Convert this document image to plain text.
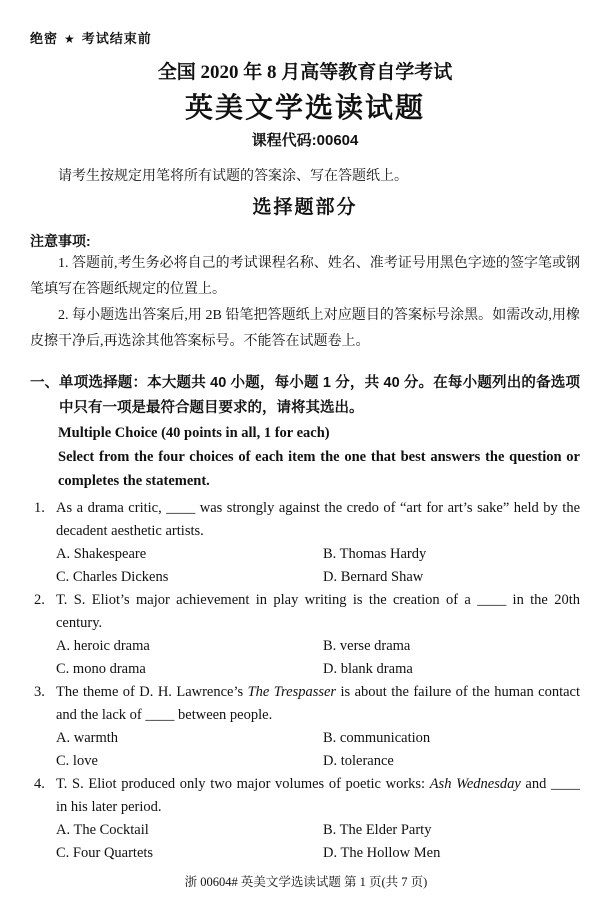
绝密 ★ 考试结束前
全国 2020 年 8 月高等教育自学考试
英美文学选读试题
课程代码:00604

请考生按规定用笔将所有试题的答案涂、写在答题纸上。

选择题部分
注意事项:

1. 答题前,考生务必将自己的考试课程名称、姓名、准考证号用黑色字迹的签字笔或钢笔填写在答题纸规定的位置上。

2. 每小题选出答案后,用 2B 铅笔把答题纸上对应题目的答案标号涂黑。如需改动,用橡皮擦干净后,再选涂其他答案标号。不能答在试题卷上。

一、 单项选择题：本大题共 40 小题，每小题 1 分，共 40 分。在每小题列出的备选项中只有一项是最符合题目要求的，请将其选出。

Multiple Choice (40 points in all, 1 for each)

Select from the four choices of each item the one that best answers the question or completes the statement.

1. As a drama critic, ____ was strongly against the credo of “art for art’s sake” held by the decadent aesthetic artists.
A. Shakespeare	B. Thomas Hardy
C. Charles Dickens	D. Bernard Shaw
2. T. S. Eliot’s major achievement in play writing is the creation of a ____ in the 20th century.
A. heroic drama	B. verse drama
C. mono drama	D. blank drama
3. The theme of D. H. Lawrence’s The Trespasser is about the failure of the human contact and the lack of ____ between people.
A. warmth	B. communication
C. love	D. tolerance
4. T. S. Eliot produced only two major volumes of poetic works: Ash Wednesday and ____ in his later period.
A. The Cocktail	B. The Elder Party
C. Four Quartets	D. The Hollow Men
浙 00604# 英美文学选读试题 第 1 页(共 7 页)
